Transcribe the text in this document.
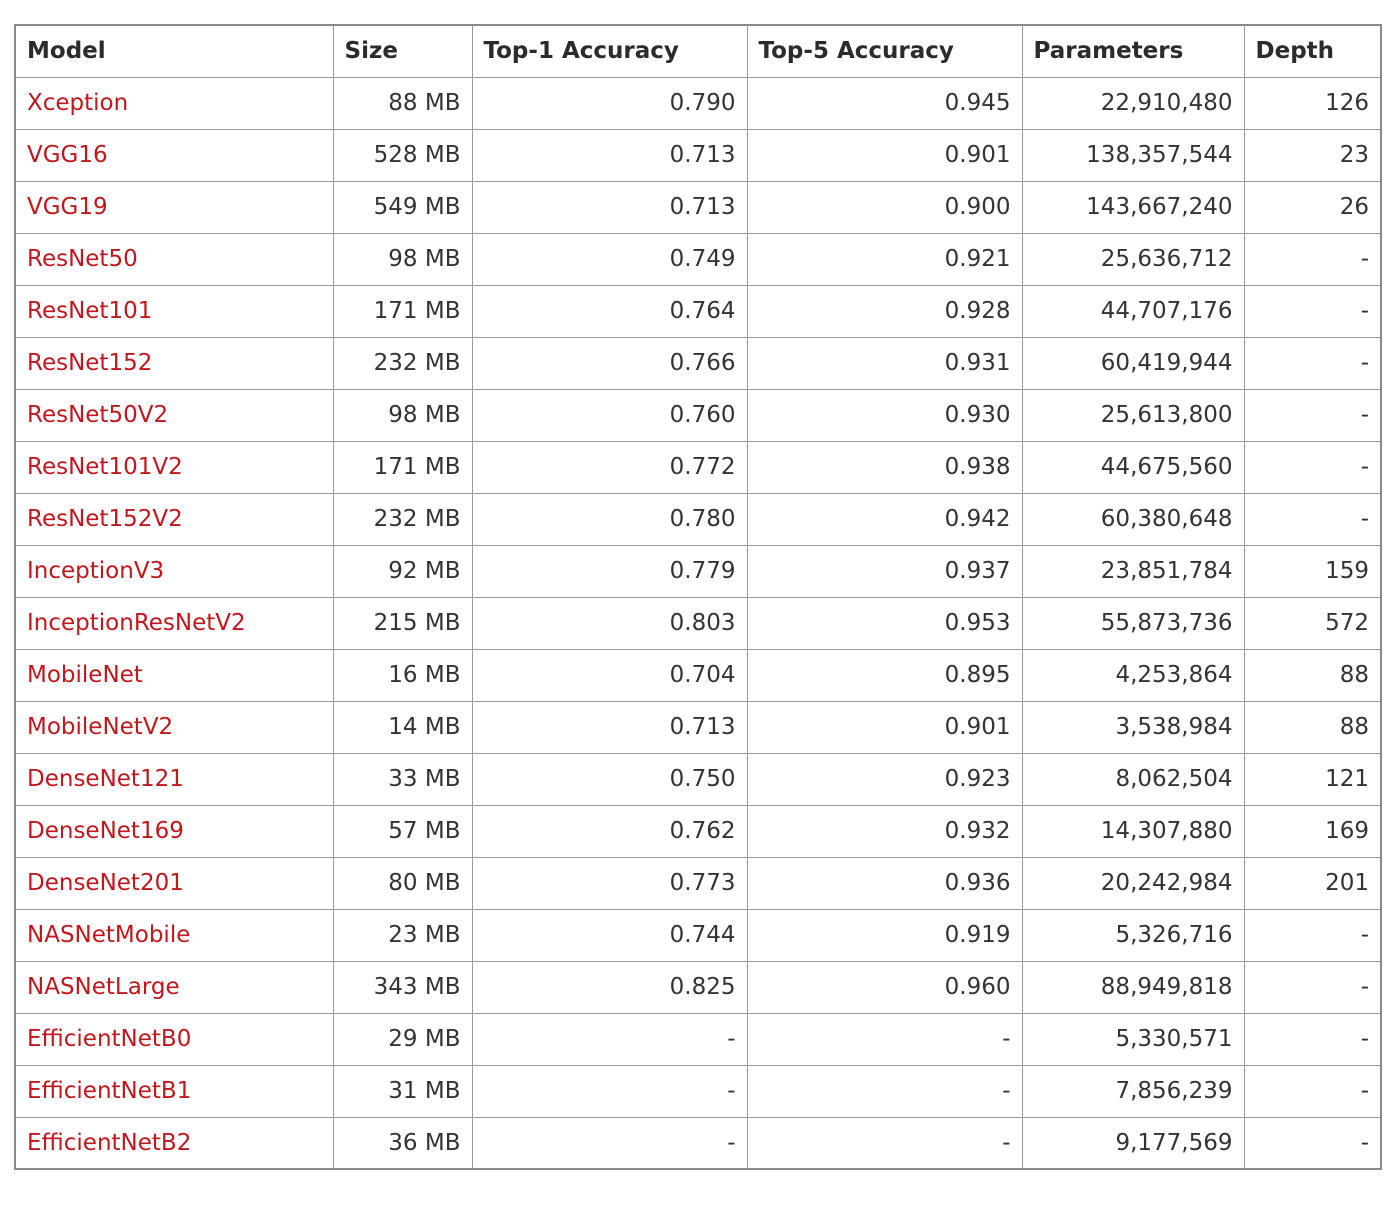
Model	Size	Top-1 Accuracy	Top-5 Accuracy	Parameters	Depth
Xception	88 MB	0.790	0.945	22,910,480	126
VGG16	528 MB	0.713	0.901	138,357,544	23
VGG19	549 MB	0.713	0.900	143,667,240	26
ResNet50	98 MB	0.749	0.921	25,636,712	-
ResNet101	171 MB	0.764	0.928	44,707,176	-
ResNet152	232 MB	0.766	0.931	60,419,944	-
ResNet50V2	98 MB	0.760	0.930	25,613,800	-
ResNet101V2	171 MB	0.772	0.938	44,675,560	-
ResNet152V2	232 MB	0.780	0.942	60,380,648	-
InceptionV3	92 MB	0.779	0.937	23,851,784	159
InceptionResNetV2	215 MB	0.803	0.953	55,873,736	572
MobileNet	16 MB	0.704	0.895	4,253,864	88
MobileNetV2	14 MB	0.713	0.901	3,538,984	88
DenseNet121	33 MB	0.750	0.923	8,062,504	121
DenseNet169	57 MB	0.762	0.932	14,307,880	169
DenseNet201	80 MB	0.773	0.936	20,242,984	201
NASNetMobile	23 MB	0.744	0.919	5,326,716	-
NASNetLarge	343 MB	0.825	0.960	88,949,818	-
EfficientNetB0	29 MB	-	-	5,330,571	-
EfficientNetB1	31 MB	-	-	7,856,239	-
EfficientNetB2	36 MB	-	-	9,177,569	-
